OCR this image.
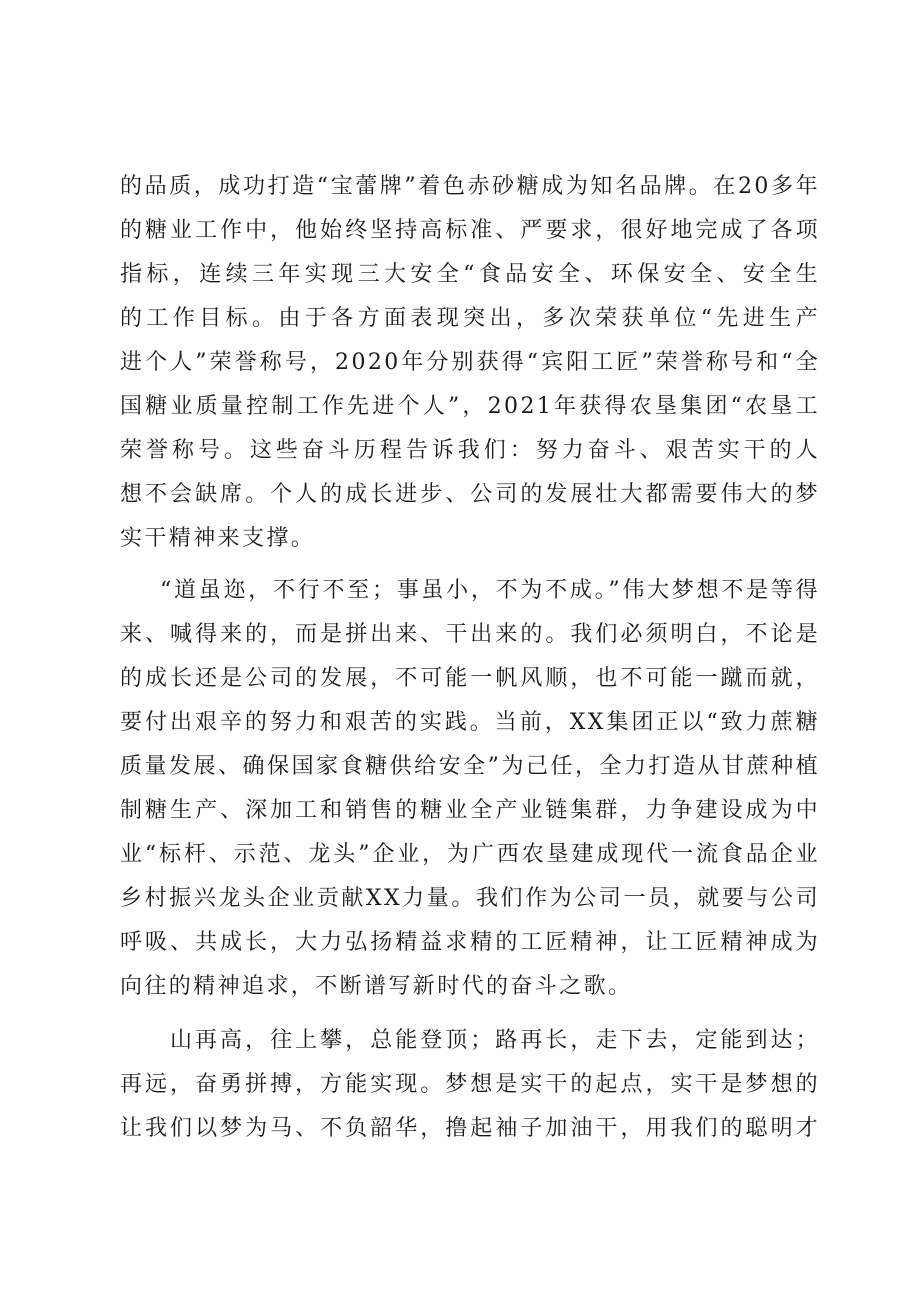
的品质，成功打造“宝蕾牌”着色赤砂糖成为知名品牌。在20多年
的糖业工作中，他始终坚持高标准、严要求，很好地完成了各项
指标，连续三年实现三大安全“食品安全、环保安全、安全生
的工作目标。由于各方面表现突出，多次荣获单位“先进生产
进个人”荣誉称号，2020年分别获得“宾阳工匠”荣誉称号和“全
国糖业质量控制工作先进个人”，2021年获得农垦集团“农垦工
荣誉称号。这些奋斗历程告诉我们：努力奋斗、艰苦实干的人
想不会缺席。个人的成长进步、公司的发展壮大都需要伟大的梦
实干精神来支撑。
“道虽迩，不行不至；事虽小，不为不成。”伟大梦想不是等得
来、喊得来的，而是拼出来、干出来的。我们必须明白，不论是
的成长还是公司的发展，不可能一帆风顺，也不可能一蹴而就，
要付出艰辛的努力和艰苦的实践。当前，XX集团正以“致力蔗糖
质量发展、确保国家食糖供给安全”为己任，全力打造从甘蔗种植
制糖生产、深加工和销售的糖业全产业链集群，力争建设成为中
业“标杆、示范、龙头”企业，为广西农垦建成现代一流食品企业
乡村振兴龙头企业贡献XX力量。我们作为公司一员，就要与公司
呼吸、共成长，大力弘扬精益求精的工匠精神，让工匠精神成为
向往的精神追求，不断谱写新时代的奋斗之歌。
山再高，往上攀，总能登顶；路再长，走下去，定能到达；
再远，奋勇拼搏，方能实现。梦想是实干的起点，实干是梦想的
让我们以梦为马、不负韶华，撸起袖子加油干，用我们的聪明才
